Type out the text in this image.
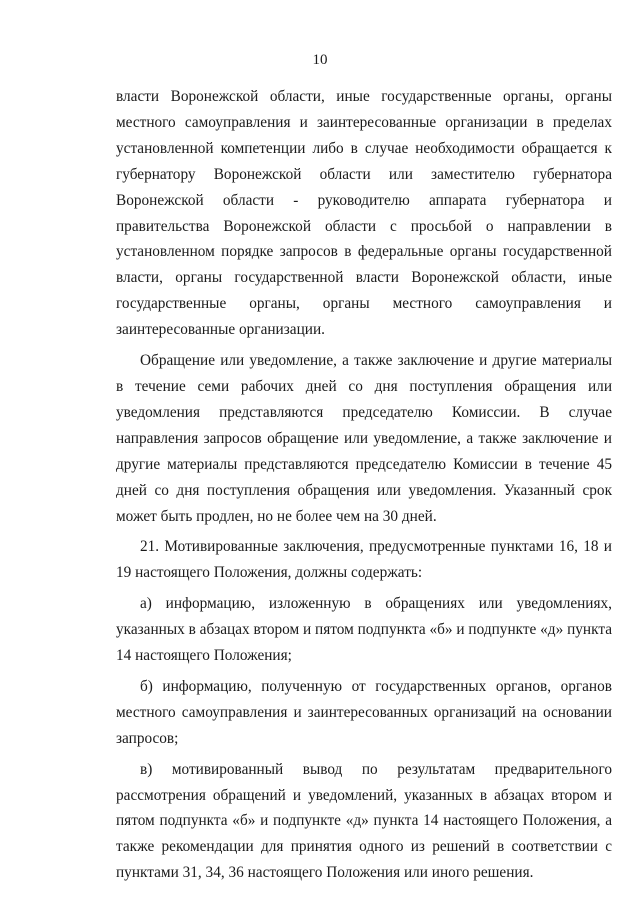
10

власти Воронежской области, иные государственные органы, органы местного самоуправления и заинтересованные организации в пределах установленной компетенции либо в случае необходимости обращается к губернатору Воронежской области или заместителю губернатора Воронежской области - руководителю аппарата губернатора и правительства Воронежской области с просьбой о направлении в установленном порядке запросов в федеральные органы государственной власти, органы государственной власти Воронежской области, иные государственные органы, органы местного самоуправления и заинтересованные организации.

Обращение или уведомление, а также заключение и другие материалы в течение семи рабочих дней со дня поступления обращения или уведомления представляются председателю Комиссии. В случае направления запросов обращение или уведомление, а также заключение и другие материалы представляются председателю Комиссии в течение 45 дней со дня поступления обращения или уведомления. Указанный срок может быть продлен, но не более чем на 30 дней.

21. Мотивированные заключения, предусмотренные пунктами 16, 18 и 19 настоящего Положения, должны содержать:

а) информацию, изложенную в обращениях или уведомлениях, указанных в абзацах втором и пятом подпункта «б» и подпункте «д» пункта 14 настоящего Положения;

б) информацию, полученную от государственных органов, органов местного самоуправления и заинтересованных организаций на основании запросов;

в) мотивированный вывод по результатам предварительного рассмотрения обращений и уведомлений, указанных в абзацах втором и пятом подпункта «б» и подпункте «д» пункта 14 настоящего Положения, а также рекомендации для принятия одного из решений в соответствии с пунктами 31, 34, 36 настоящего Положения или иного решения.
